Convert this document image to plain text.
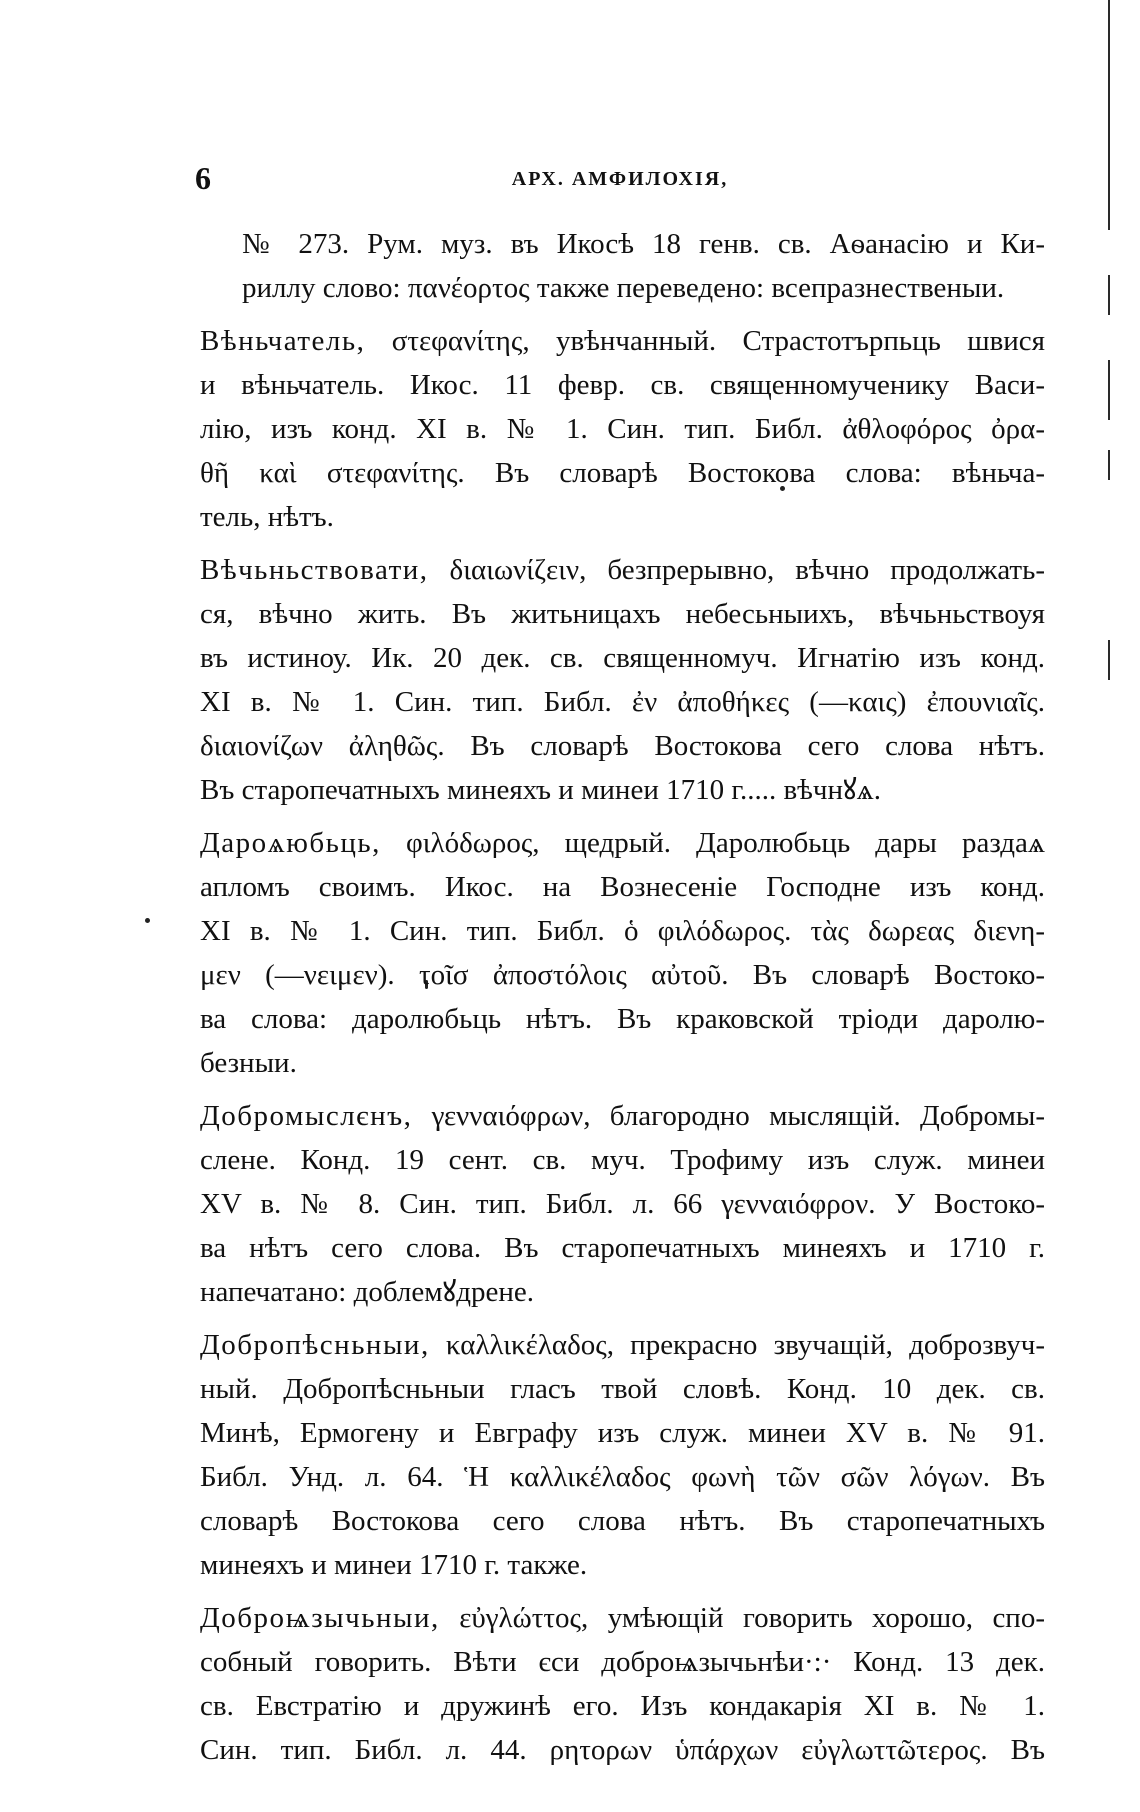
6	АРХ. АМФИЛОХІЯ,
№ 273. Рум. муз. въ Икосѣ 18 генв. св. Аѳанасію и Ки-
риллу слово: πανέορτος также переведено: всепразнественыи.
Вѣньчатель, στεφανίτης, увѣнчанный. Страстотърпьць швися
и вѣньчатель. Икос. 11 февр. св. священномученику Васи-
лію, изъ конд. XI в. № 1. Син. тип. Библ. ἀθλοφόρος ὀρα-
θῆ καὶ στεφανίτης. Въ словарѣ Востокова слова: вѣньча-
тель, нѣтъ.
Вѣчьньствовати, διαιωνίζειν, безпрерывно, вѣчно продолжать-
ся, вѣчно жить. Въ житьницахъ небесьныихъ, вѣчьньствоуя
въ истиноу. Ик. 20 дек. св. священномуч. Игнатію изъ конд.
XI в. № 1. Син. тип. Библ. ἐν ἀποθήκες (—καις) ἐπουνιαῖς.
διαιονίζων ἀληθῶς. Въ словарѣ Востокова сего слова нѣтъ.
Въ старопечатныхъ минеяхъ и минеи 1710 г..... вѣчнꙋѧ.
Дароѧюбьць, φιλόδωρος, щедрый. Даролюбьць дары раздаѧ
апломъ своимъ. Икос. на Вознесеніе Господне изъ конд.
XI в. № 1. Син. тип. Библ. ὁ φιλόδωρος. τὰς δωρεας διενη-
μεν (—νειμεν). τοῖσ ἀποστόλοις αὐτοῦ. Въ словарѣ Востоко-
ва слова: даролюбьць нѣтъ. Въ краковской тріоди даролю-
безныи.
Добромыслєнъ, γενναιόφρων, благородно мыслящій. Добромы-
слене. Конд. 19 сент. св. муч. Трофиму изъ служ. минеи
XV в. № 8. Син. тип. Библ. л. 66 γενναιόφρον. У Востоко-
ва нѣтъ сего слова. Въ старопечатныхъ минеяхъ и 1710 г.
напечатано: доблемꙋдрене.
Добропѣсньныи, καλλικέλαδος, прекрасно звучащій, доброзвуч-
ный. Добропѣсньныи гласъ твой словѣ. Конд. 10 дек. св.
Минѣ, Ермогену и Евграфу изъ служ. минеи XV в. № 91.
Библ. Унд. л. 64. Ἡ καλλικέλαδος φωνὴ τῶν σῶν λόγων. Въ
словарѣ Востокова сего слова нѣтъ. Въ старопечатныхъ
минеяхъ и минеи 1710 г. также.
Доброѩзычьныи, εὐγλώττος, умѣющій говорить хорошо, спо-
собный говорить. Вѣти єси доброѩзычьнѣи·:· Конд. 13 дек.
св. Евстратію и дружинѣ его. Изъ кондакарія XI в. № 1.
Син. тип. Библ. л. 44. ρητορων ὑπάρχων εὐγλωττῶτερος. Въ
